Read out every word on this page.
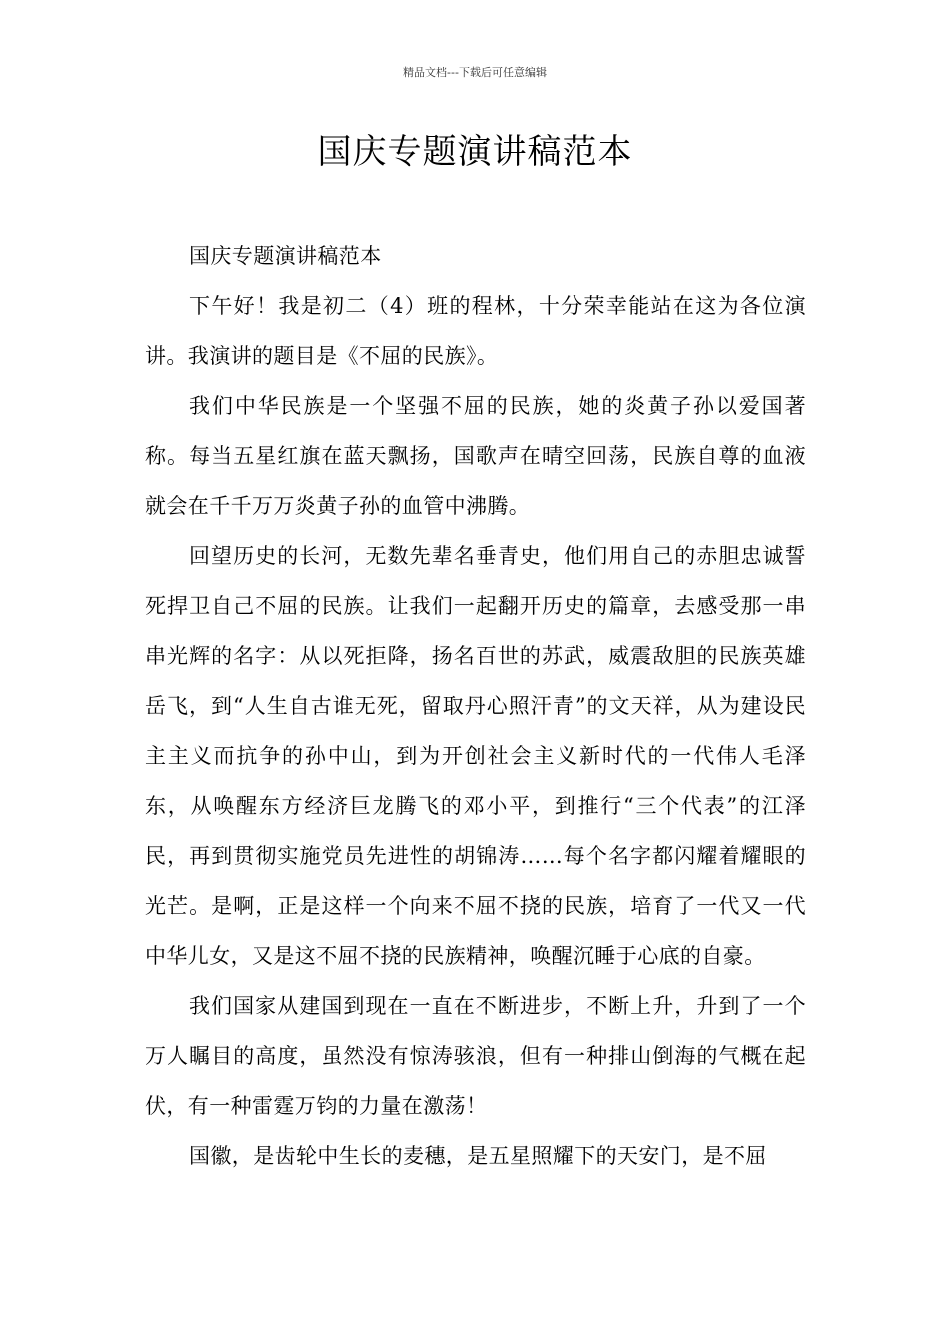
精品文档---下载后可任意编辑
国庆专题演讲稿范本

国庆专题演讲稿范本

下午好！我是初二（4）班的程林，十分荣幸能站在这为各位演讲。我演讲的题目是《不屈的民族》。

我们中华民族是一个坚强不屈的民族，她的炎黄子孙以爱国著称。每当五星红旗在蓝天飘扬，国歌声在晴空回荡，民族自尊的血液就会在千千万万炎黄子孙的血管中沸腾。

回望历史的长河，无数先辈名垂青史，他们用自己的赤胆忠诚誓死捍卫自己不屈的民族。让我们一起翻开历史的篇章，去感受那一串串光辉的名字：从以死拒降，扬名百世的苏武，威震敌胆的民族英雄岳飞，到“人生自古谁无死，留取丹心照汗青”的文天祥，从为建设民主主义而抗争的孙中山，到为开创社会主义新时代的一代伟人毛泽东，从唤醒东方经济巨龙腾飞的邓小平，到推行“三个代表”的江泽民，再到贯彻实施党员先进性的胡锦涛……每个名字都闪耀着耀眼的光芒。是啊，正是这样一个向来不屈不挠的民族，培育了一代又一代中华儿女，又是这不屈不挠的民族精神，唤醒沉睡于心底的自豪。

我们国家从建国到现在一直在不断进步，不断上升，升到了一个万人瞩目的高度，虽然没有惊涛骇浪，但有一种排山倒海的气概在起伏，有一种雷霆万钧的力量在激荡！

国徽，是齿轮中生长的麦穗，是五星照耀下的天安门，是不屈
